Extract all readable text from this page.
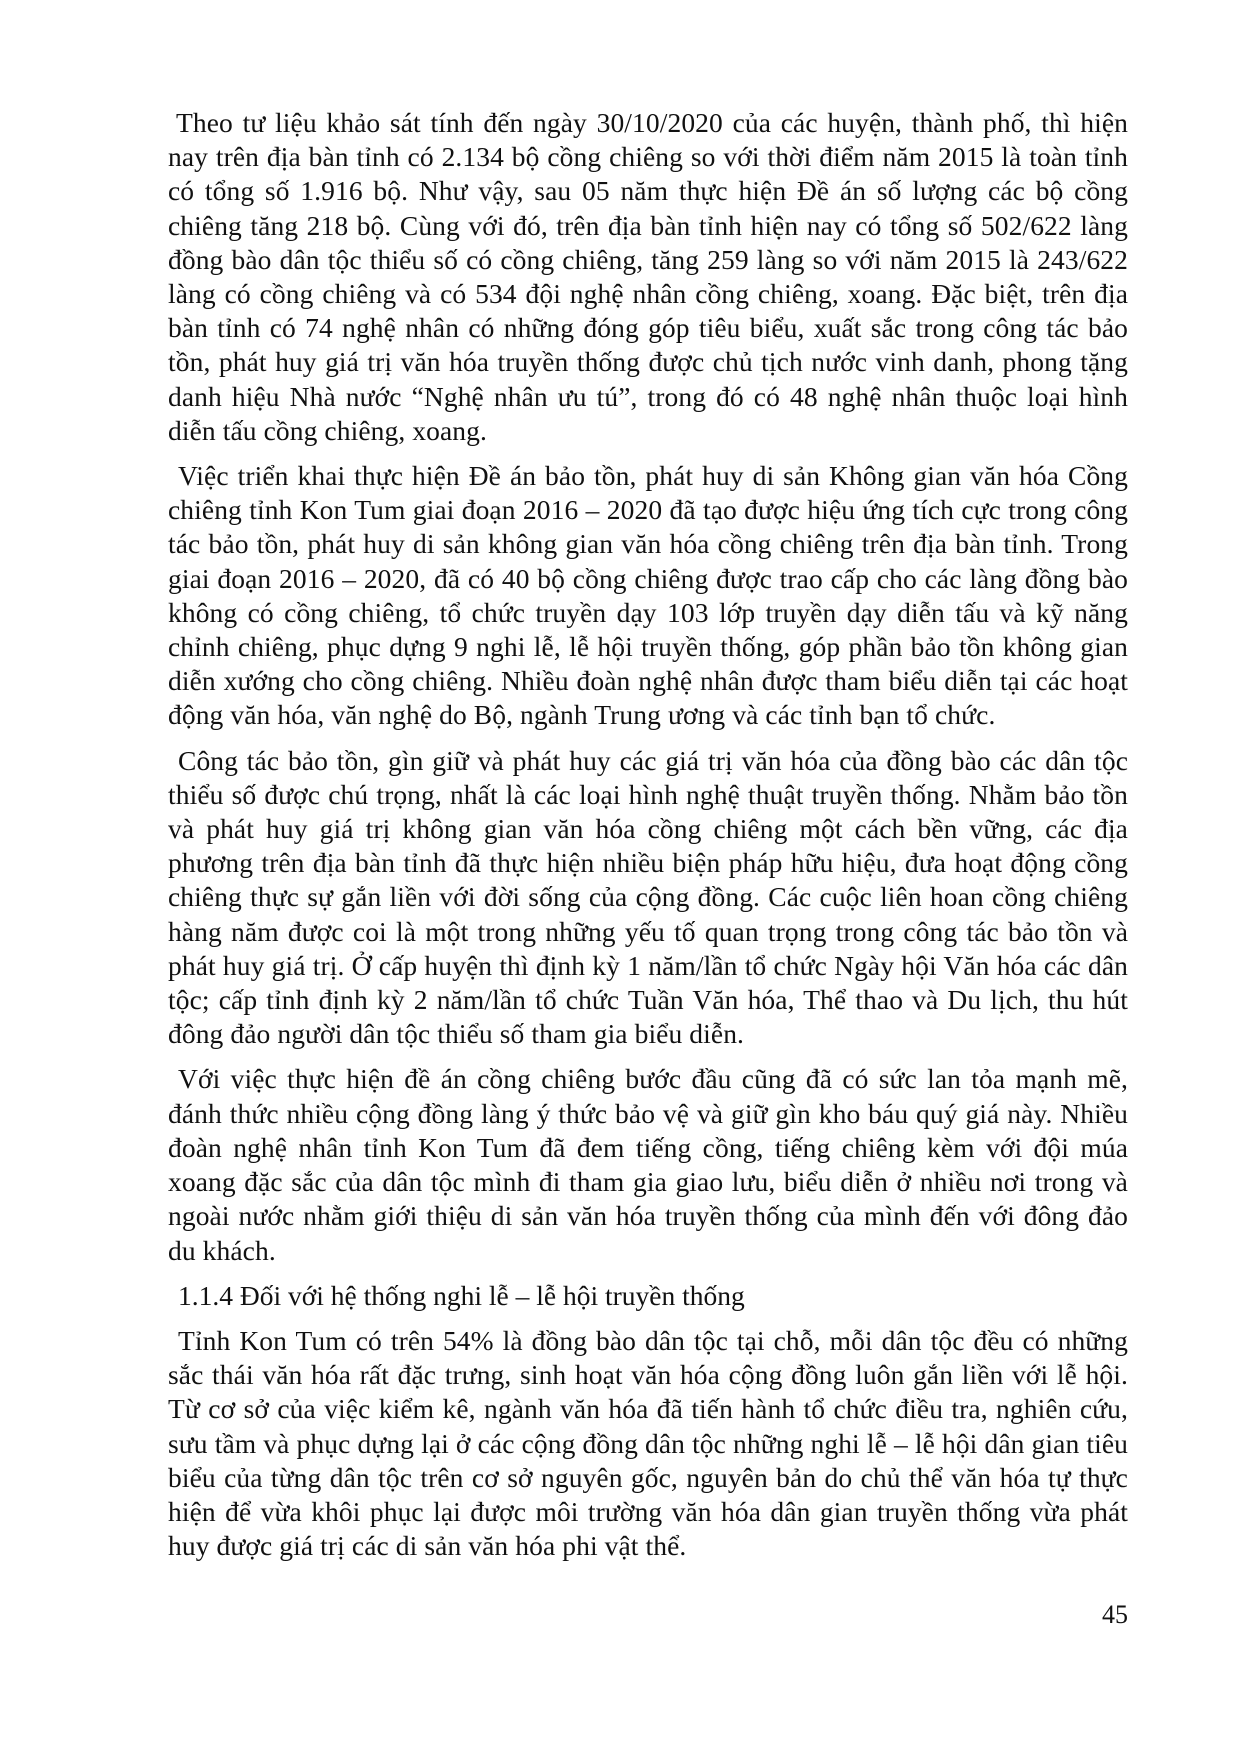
Theo tư liệu khảo sát tính đến ngày 30/10/2020 của các huyện, thành phố, thì hiện nay trên địa bàn tỉnh có 2.134 bộ cồng chiêng so với thời điểm năm 2015 là toàn tỉnh có tổng số 1.916 bộ. Như vậy, sau 05 năm thực hiện Đề án số lượng các bộ cồng chiêng tăng 218 bộ. Cùng với đó, trên địa bàn tỉnh hiện nay có tổng số 502/622 làng đồng bào dân tộc thiểu số có cồng chiêng, tăng 259 làng so với năm 2015 là 243/622 làng có cồng chiêng và có 534 đội nghệ nhân cồng chiêng, xoang. Đặc biệt, trên địa bàn tỉnh có 74 nghệ nhân có những đóng góp tiêu biểu, xuất sắc trong công tác bảo tồn, phát huy giá trị văn hóa truyền thống được chủ tịch nước vinh danh, phong tặng danh hiệu Nhà nước “Nghệ nhân ưu tú”, trong đó có 48 nghệ nhân thuộc loại hình diễn tấu cồng chiêng, xoang.

Việc triển khai thực hiện Đề án bảo tồn, phát huy di sản Không gian văn hóa Cồng chiêng tỉnh Kon Tum giai đoạn 2016 – 2020 đã tạo được hiệu ứng tích cực trong công tác bảo tồn, phát huy di sản không gian văn hóa cồng chiêng trên địa bàn tỉnh. Trong giai đoạn 2016 – 2020, đã có 40 bộ cồng chiêng được trao cấp cho các làng đồng bào không có cồng chiêng, tổ chức truyền dạy 103 lớp truyền dạy diễn tấu và kỹ năng chỉnh chiêng, phục dựng 9 nghi lễ, lễ hội truyền thống, góp phần bảo tồn không gian diễn xướng cho cồng chiêng. Nhiều đoàn nghệ nhân được tham biểu diễn tại các hoạt động văn hóa, văn nghệ do Bộ, ngành Trung ương và các tỉnh bạn tổ chức.

Công tác bảo tồn, gìn giữ và phát huy các giá trị văn hóa của đồng bào các dân tộc thiểu số được chú trọng, nhất là các loại hình nghệ thuật truyền thống. Nhằm bảo tồn và phát huy giá trị không gian văn hóa cồng chiêng một cách bền vững, các địa phương trên địa bàn tỉnh đã thực hiện nhiều biện pháp hữu hiệu, đưa hoạt động cồng chiêng thực sự gắn liền với đời sống của cộng đồng. Các cuộc liên hoan cồng chiêng hàng năm được coi là một trong những yếu tố quan trọng trong công tác bảo tồn và phát huy giá trị. Ở cấp huyện thì định kỳ 1 năm/lần tổ chức Ngày hội Văn hóa các dân tộc; cấp tỉnh định kỳ 2 năm/lần tổ chức Tuần Văn hóa, Thể thao và Du lịch, thu hút đông đảo người dân tộc thiểu số tham gia biểu diễn.

Với việc thực hiện đề án cồng chiêng bước đầu cũng đã có sức lan tỏa mạnh mẽ, đánh thức nhiều cộng đồng làng ý thức bảo vệ và giữ gìn kho báu quý giá này. Nhiều đoàn nghệ nhân tỉnh Kon Tum đã đem tiếng cồng, tiếng chiêng kèm với đội múa xoang đặc sắc của dân tộc mình đi tham gia giao lưu, biểu diễn ở nhiều nơi trong và ngoài nước nhằm giới thiệu di sản văn hóa truyền thống của mình đến với đông đảo du khách.

1.1.4 Đối với hệ thống nghi lễ – lễ hội truyền thống

Tỉnh Kon Tum có trên 54% là đồng bào dân tộc tại chỗ, mỗi dân tộc đều có những sắc thái văn hóa rất đặc trưng, sinh hoạt văn hóa cộng đồng luôn gắn liền với lễ hội. Từ cơ sở của việc kiểm kê, ngành văn hóa đã tiến hành tổ chức điều tra, nghiên cứu, sưu tầm và phục dựng lại ở các cộng đồng dân tộc những nghi lễ – lễ hội dân gian tiêu biểu của từng dân tộc trên cơ sở nguyên gốc, nguyên bản do chủ thể văn hóa tự thực hiện để vừa khôi phục lại được môi trường văn hóa dân gian truyền thống vừa phát huy được giá trị các di sản văn hóa phi vật thể.

45
